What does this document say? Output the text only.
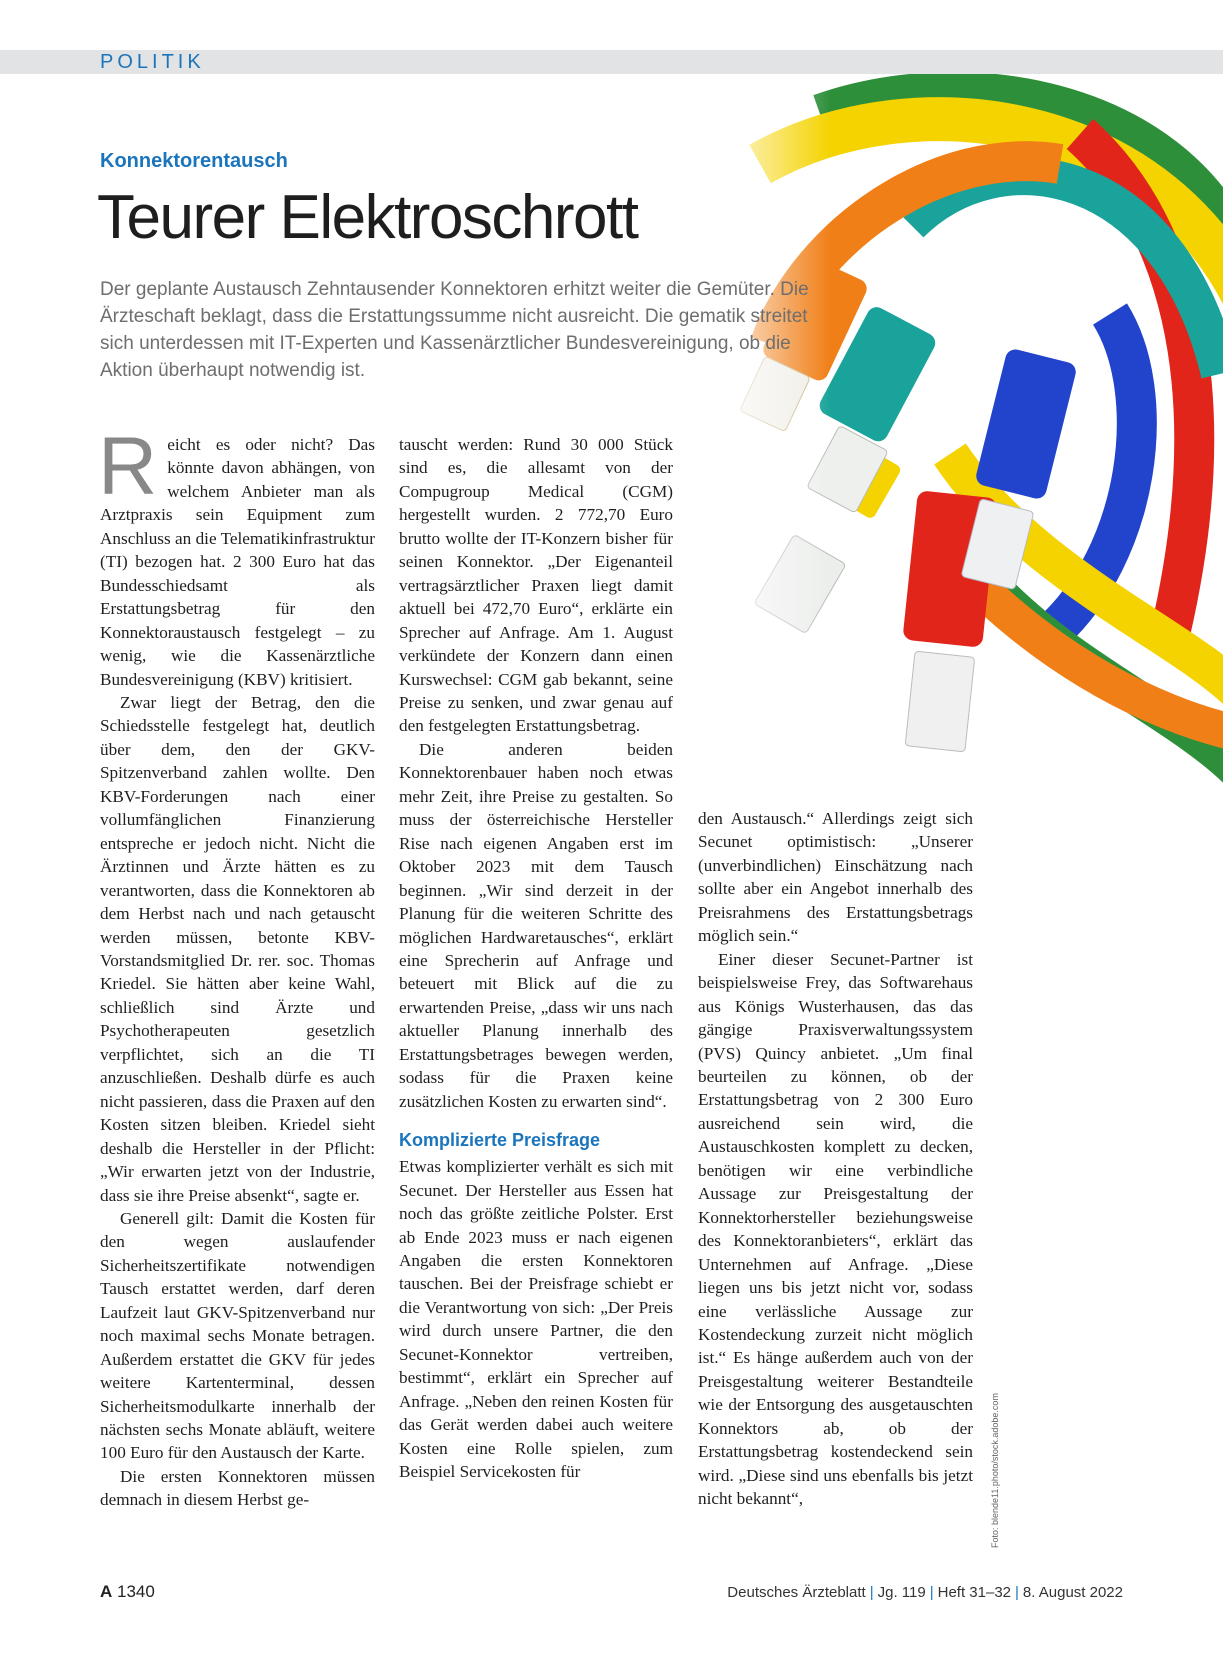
POLITIK
Konnektorentausch
Teurer Elektroschrott
Der geplante Austausch Zehntausender Konnektoren erhitzt weiter die Gemüter. Die Ärzteschaft beklagt, dass die Erstattungssumme nicht ausreicht. Die gematik streitet sich unterdessen mit IT-Experten und Kassenärztlicher Bundesvereinigung, ob die Aktion überhaupt notwendig ist.

Reicht es oder nicht? Das könnte davon abhängen, von welchem Anbieter man als Arztpraxis sein Equipment zum Anschluss an die Telematikinfrastruktur (TI) bezogen hat. 2 300 Euro hat das Bundesschiedsamt als Erstattungsbetrag für den Konnektoraustausch festgelegt – zu wenig, wie die Kassenärztliche Bundesvereinigung (KBV) kritisiert.

Zwar liegt der Betrag, den die Schiedsstelle festgelegt hat, deutlich über dem, den der GKV-Spitzenverband zahlen wollte. Den KBV-Forderungen nach einer vollumfänglichen Finanzierung entspreche er jedoch nicht. Nicht die Ärztinnen und Ärzte hätten es zu verantworten, dass die Konnektoren ab dem Herbst nach und nach getauscht werden müssen, betonte KBV-Vorstandsmitglied Dr. rer. soc. Thomas Kriedel. Sie hätten aber keine Wahl, schließlich sind Ärzte und Psychotherapeuten gesetzlich verpflichtet, sich an die TI anzuschließen. Deshalb dürfe es auch nicht passieren, dass die Praxen auf den Kosten sitzen bleiben. Kriedel sieht deshalb die Hersteller in der Pflicht: „Wir erwarten jetzt von der Industrie, dass sie ihre Preise absenkt“, sagte er.

Generell gilt: Damit die Kosten für den wegen auslaufender Sicherheitszertifikate notwendigen Tausch erstattet werden, darf deren Laufzeit laut GKV-Spitzenverband nur noch maximal sechs Monate betragen. Außerdem erstattet die GKV für jedes weitere Kartenterminal, dessen Sicherheitsmodulkarte innerhalb der nächsten sechs Monate abläuft, weitere 100 Euro für den Austausch der Karte.

Die ersten Konnektoren müssen demnach in diesem Herbst ge-

tauscht werden: Rund 30 000 Stück sind es, die allesamt von der Compugroup Medical (CGM) hergestellt wurden. 2 772,70 Euro brutto wollte der IT-Konzern bisher für seinen Konnektor. „Der Eigenanteil vertragsärztlicher Praxen liegt damit aktuell bei 472,70 Euro“, erklärte ein Sprecher auf Anfrage. Am 1. August verkündete der Konzern dann einen Kurswechsel: CGM gab bekannt, seine Preise zu senken, und zwar genau auf den festgelegten Erstattungsbetrag.

Die anderen beiden Konnektorenbauer haben noch etwas mehr Zeit, ihre Preise zu gestalten. So muss der österreichische Hersteller Rise nach eigenen Angaben erst im Oktober 2023 mit dem Tausch beginnen. „Wir sind derzeit in der Planung für die weiteren Schritte des möglichen Hardwaretausches“, erklärt eine Sprecherin auf Anfrage und beteuert mit Blick auf die zu erwartenden Preise, „dass wir uns nach aktueller Planung innerhalb des Erstattungsbetrages bewegen werden, sodass für die Praxen keine zusätzlichen Kosten zu erwarten sind“.

Komplizierte Preisfrage

Etwas komplizierter verhält es sich mit Secunet. Der Hersteller aus Essen hat noch das größte zeitliche Polster. Erst ab Ende 2023 muss er nach eigenen Angaben die ersten Konnektoren tauschen. Bei der Preisfrage schiebt er die Verantwortung von sich: „Der Preis wird durch unsere Partner, die den Secunet-Konnektor vertreiben, bestimmt“, erklärt ein Sprecher auf Anfrage. „Neben den reinen Kosten für das Gerät werden dabei auch weitere Kosten eine Rolle spielen, zum Beispiel Servicekosten für

den Austausch.“ Allerdings zeigt sich Secunet optimistisch: „Unserer (unverbindlichen) Einschätzung nach sollte aber ein Angebot innerhalb des Preisrahmens des Erstattungsbetrags möglich sein.“

Einer dieser Secunet-Partner ist beispielsweise Frey, das Softwarehaus aus Königs Wusterhausen, das das gängige Praxisverwaltungssystem (PVS) Quincy anbietet. „Um final beurteilen zu können, ob der Erstattungsbetrag von 2 300 Euro ausreichend sein wird, die Austauschkosten komplett zu decken, benötigen wir eine verbindliche Aussage zur Preisgestaltung der Konnektorhersteller beziehungsweise des Konnektoranbieters“, erklärt das Unternehmen auf Anfrage. „Diese liegen uns bis jetzt nicht vor, sodass eine verlässliche Aussage zur Kostendeckung zurzeit nicht möglich ist.“ Es hänge außerdem auch von der Preisgestaltung weiterer Bestandteile wie der Entsorgung des ausgetauschten Konnektors ab, ob der Erstattungsbetrag kostendeckend sein wird. „Diese sind uns ebenfalls bis jetzt nicht bekannt“,	Foto: blende11.photo/stock.adobe.com
A 1340	Deutsches Ärzteblatt | Jg. 119 | Heft 31–32 | 8. August 2022
